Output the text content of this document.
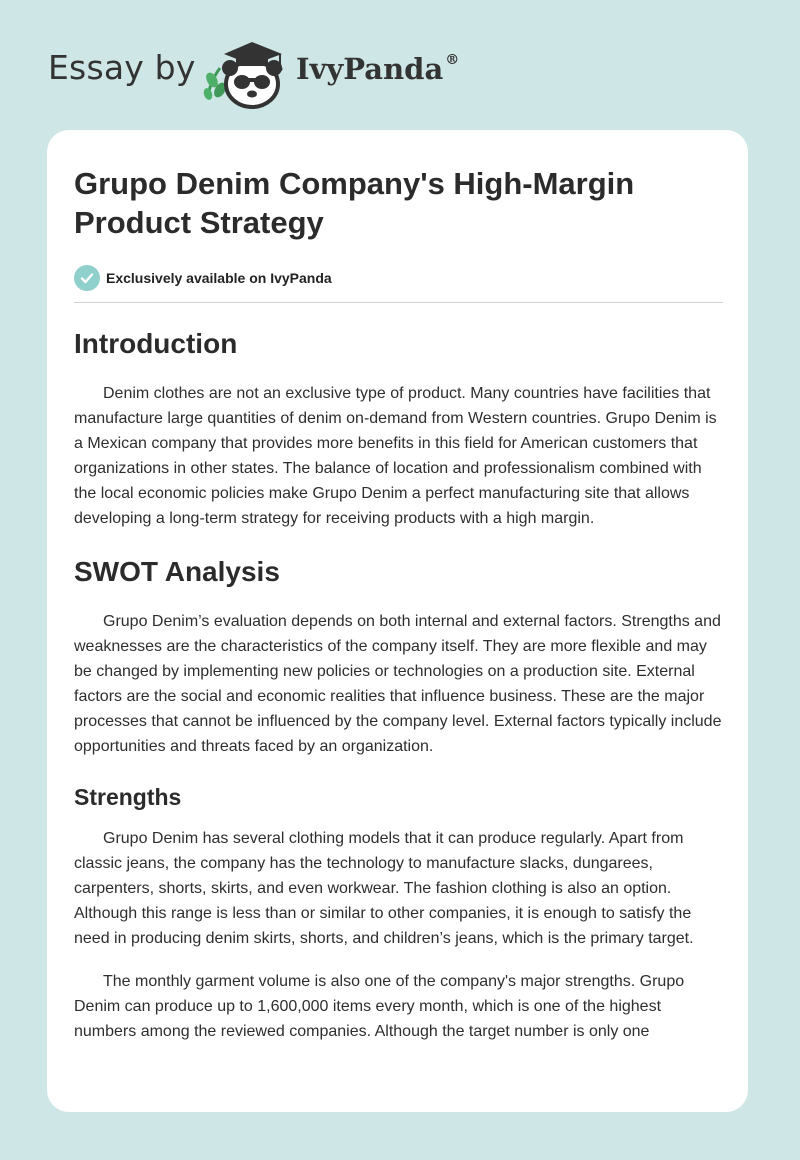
Essay by	IvyPanda ®
Grupo Denim Company's High-Margin Product Strategy
Exclusively available on IvyPanda
Introduction

Denim clothes are not an exclusive type of product. Many countries have facilities that manufacture large quantities of denim on-demand from Western countries. Grupo Denim is a Mexican company that provides more benefits in this field for American customers that organizations in other states. The balance of location and professionalism combined with the local economic policies make Grupo Denim a perfect manufacturing site that allows developing a long-term strategy for receiving products with a high margin.

SWOT Analysis

Grupo Denim’s evaluation depends on both internal and external factors. Strengths and weaknesses are the characteristics of the company itself. They are more flexible and may be changed by implementing new policies or technologies on a production site. External factors are the social and economic realities that influence business. These are the major processes that cannot be influenced by the company level. External factors typically include opportunities and threats faced by an organization.

Strengths

Grupo Denim has several clothing models that it can produce regularly. Apart from classic jeans, the company has the technology to manufacture slacks, dungarees, carpenters, shorts, skirts, and even workwear. The fashion clothing is also an option. Although this range is less than or similar to other companies, it is enough to satisfy the need in producing denim skirts, shorts, and children’s jeans, which is the primary target.

The monthly garment volume is also one of the company's major strengths. Grupo Denim can produce up to 1,600,000 items every month, which is one of the highest numbers among the reviewed companies. Although the target number is only one
